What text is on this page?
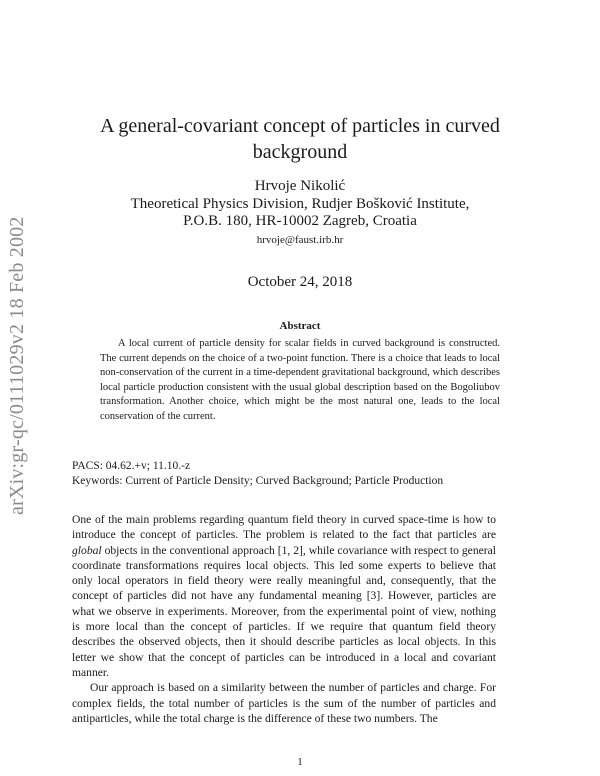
arXiv:gr-qc/0111029v2 18 Feb 2002
A general-covariant concept of particles in curved
background
Hrvoje Nikolić
Theoretical Physics Division, Rudjer Bošković Institute,
P.O.B. 180, HR-10002 Zagreb, Croatia
hrvoje@faust.irb.hr
October 24, 2018
Abstract
A local current of particle density for scalar fields in curved background is constructed. The current depends on the choice of a two-point function. There is a choice that leads to local non-conservation of the current in a time-dependent gravitational background, which describes local particle production consistent with the usual global description based on the Bogoliubov transformation. Another choice, which might be the most natural one, leads to the local conservation of the current.
PACS: 04.62.+v; 11.10.-z
Keywords: Current of Particle Density; Curved Background; Particle Production

One of the main problems regarding quantum field theory in curved space-time is how to introduce the concept of particles. The problem is related to the fact that particles are global objects in the conventional approach [1, 2], while covariance with respect to general coordinate transformations requires local objects. This led some experts to believe that only local operators in field theory were really meaningful and, consequently, that the concept of particles did not have any fundamental meaning [3]. However, particles are what we observe in experiments. Moreover, from the experimental point of view, nothing is more local than the concept of particles. If we require that quantum field theory describes the observed objects, then it should describe particles as local objects. In this letter we show that the concept of particles can be introduced in a local and covariant manner.

Our approach is based on a similarity between the number of particles and charge. For complex fields, the total number of particles is the sum of the number of particles and antiparticles, while the total charge is the difference of these two numbers. The

1
